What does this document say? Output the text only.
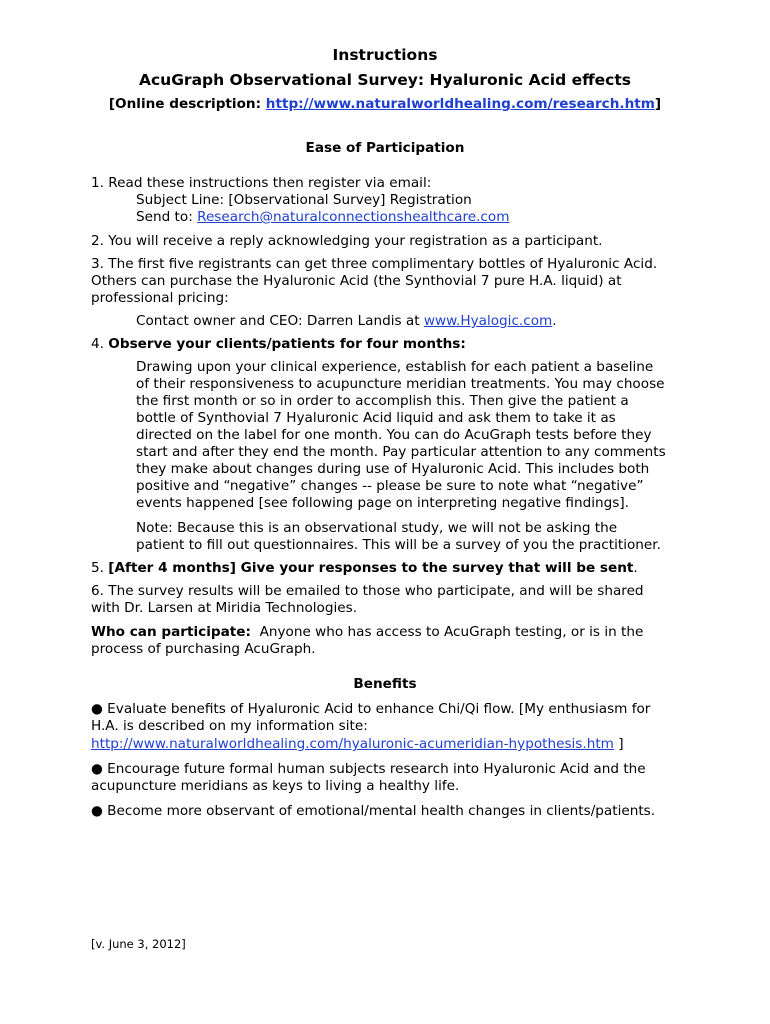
Instructions
AcuGraph Observational Survey: Hyaluronic Acid effects
[Online description: http://www.naturalworldhealing.com/research.htm]
Ease of Participation
1. Read these instructions then register via email:
Subject Line: [Observational Survey] Registration
Send to: Research@naturalconnectionshealthcare.com
2. You will receive a reply acknowledging your registration as a participant.
3. The first five registrants can get three complimentary bottles of Hyaluronic Acid.
Others can purchase the Hyaluronic Acid (the Synthovial 7 pure H.A. liquid) at
professional pricing:
Contact owner and CEO: Darren Landis at www.Hyalogic.com.
4. Observe your clients/patients for four months:
Drawing upon your clinical experience, establish for each patient a baseline
of their responsiveness to acupuncture meridian treatments. You may choose
the first month or so in order to accomplish this. Then give the patient a
bottle of Synthovial 7 Hyaluronic Acid liquid and ask them to take it as
directed on the label for one month. You can do AcuGraph tests before they
start and after they end the month. Pay particular attention to any comments
they make about changes during use of Hyaluronic Acid. This includes both
positive and “negative” changes -- please be sure to note what “negative”
events happened [see following page on interpreting negative findings].
Note: Because this is an observational study, we will not be asking the
patient to fill out questionnaires. This will be a survey of you the practitioner.
5. [After 4 months] Give your responses to the survey that will be sent.
6. The survey results will be emailed to those who participate, and will be shared
with Dr. Larsen at Miridia Technologies.
Who can participate:  Anyone who has access to AcuGraph testing, or is in the
process of purchasing AcuGraph.
Benefits
● Evaluate benefits of Hyaluronic Acid to enhance Chi/Qi flow. [My enthusiasm for
H.A. is described on my information site:
http://www.naturalworldhealing.com/hyaluronic-acumeridian-hypothesis.htm ]
● Encourage future formal human subjects research into Hyaluronic Acid and the
acupuncture meridians as keys to living a healthy life.
● Become more observant of emotional/mental health changes in clients/patients.
[v. June 3, 2012]
